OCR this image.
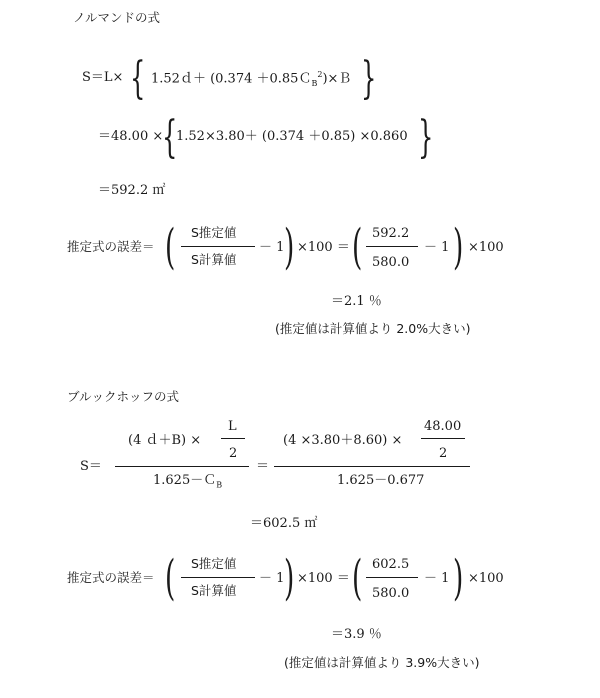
ノルマンドの式
S＝L× { 1.52ｄ＋ (0.374 ＋0.85Ｃ$_B^2$)×Ｂ }
＝48.00 ×
{
1.52×3.80＋ (0.374 ＋0.85) ×0.860 }
＝592.2 ㎡
推定式の誤差＝ ( S推定値
S計算値
－ 1 ) ×100 ＝ ( 592.2
580.0
－ 1 ) ×100
＝2.1 ％
(推定値は計算値より 2.0%大きい)
ブルックホッフの式
S＝
(4 ｄ＋B) ×
L
2
1.625－Ｃ$_B$
＝
(4 ×3.80＋8.60) ×
48.00
2
1.625－0.677
＝602.5 ㎡
推定式の誤差＝ ( S推定値
S計算値
－ 1 ) ×100 ＝ ( 602.5
580.0
－ 1 ) ×100
＝3.9 ％
(推定値は計算値より 3.9%大きい)
